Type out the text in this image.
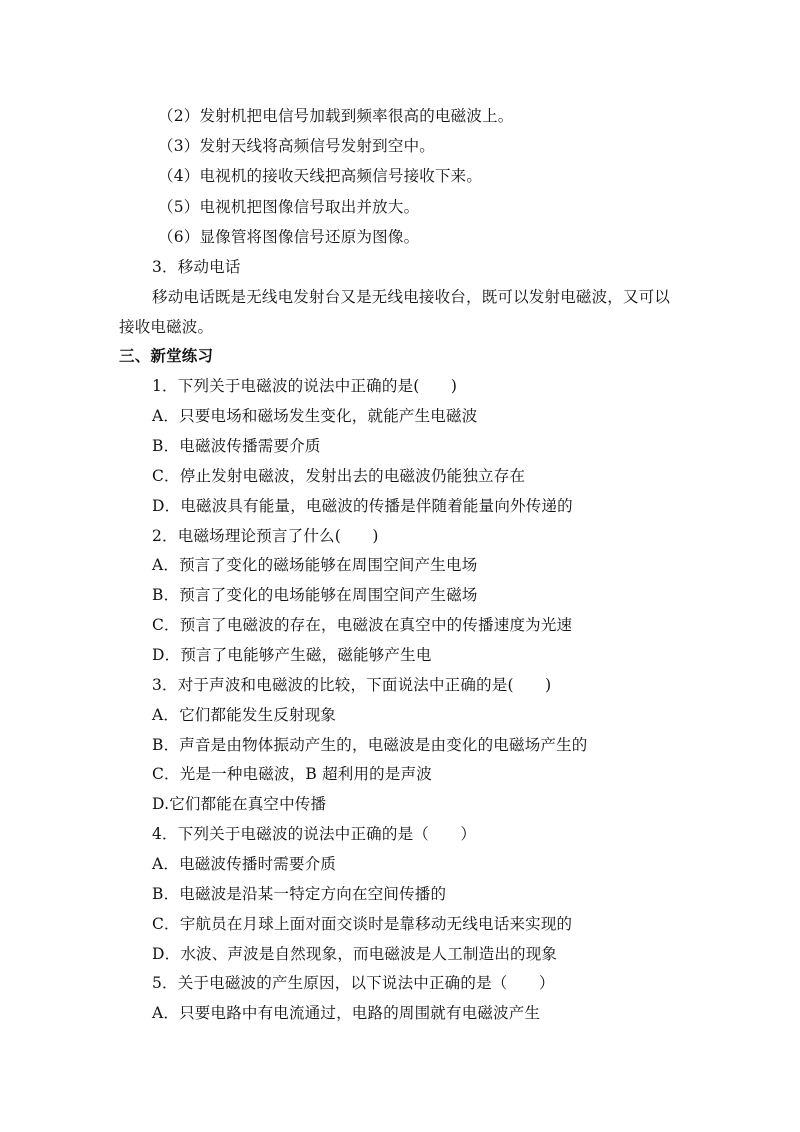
（2）发射机把电信号加载到频率很高的电磁波上。
（3）发射天线将高频信号发射到空中。
（4）电视机的接收天线把高频信号接收下来。
（5）电视机把图像信号取出并放大。
（6）显像管将图像信号还原为图像。
3．移动电话
移动电话既是无线电发射台又是无线电接收台，既可以发射电磁波，又可以
接收电磁波。
三、新堂练习
1．下列关于电磁波的说法中正确的是(　　)
A．只要电场和磁场发生变化，就能产生电磁波
B．电磁波传播需要介质
C．停止发射电磁波，发射出去的电磁波仍能独立存在
D．电磁波具有能量，电磁波的传播是伴随着能量向外传递的
2．电磁场理论预言了什么(　　)
A．预言了变化的磁场能够在周围空间产生电场
B．预言了变化的电场能够在周围空间产生磁场
C．预言了电磁波的存在，电磁波在真空中的传播速度为光速
D．预言了电能够产生磁，磁能够产生电
3．对于声波和电磁波的比较，下面说法中正确的是(　　)
A．它们都能发生反射现象
B．声音是由物体振动产生的，电磁波是由变化的电磁场产生的
C．光是一种电磁波，B 超利用的是声波
D.它们都能在真空中传播
4．下列关于电磁波的说法中正确的是（　　）
A．电磁波传播时需要介质
B．电磁波是沿某一特定方向在空间传播的
C．宇航员在月球上面对面交谈时是靠移动无线电话来实现的
D．水波、声波是自然现象，而电磁波是人工制造出的现象
5．关于电磁波的产生原因，以下说法中正确的是（　　）
A．只要电路中有电流通过，电路的周围就有电磁波产生
